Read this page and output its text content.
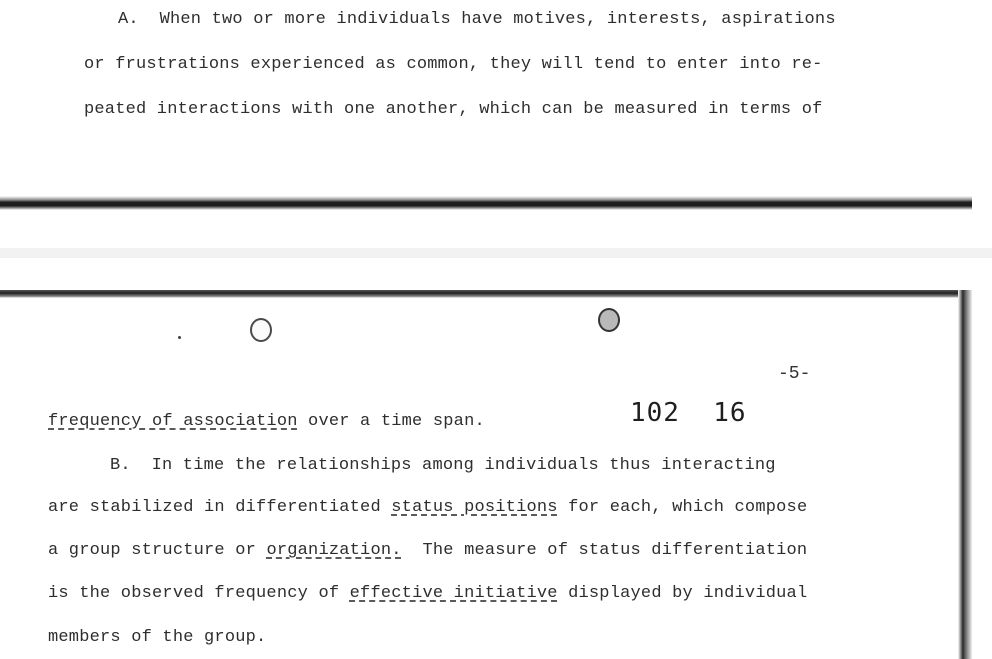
A.  When two or more individuals have motives, interests, aspirations
or frustrations experienced as common, they will tend to enter into re-
peated interactions with one another, which can be measured in terms of
-5-
102  16
frequency of association over a time span.
B.  In time the relationships among individuals thus interacting
are stabilized in differentiated status positions for each, which compose
a group structure or organization.  The measure of status differentiation
is the observed frequency of effective initiative displayed by individual
members of the group.
